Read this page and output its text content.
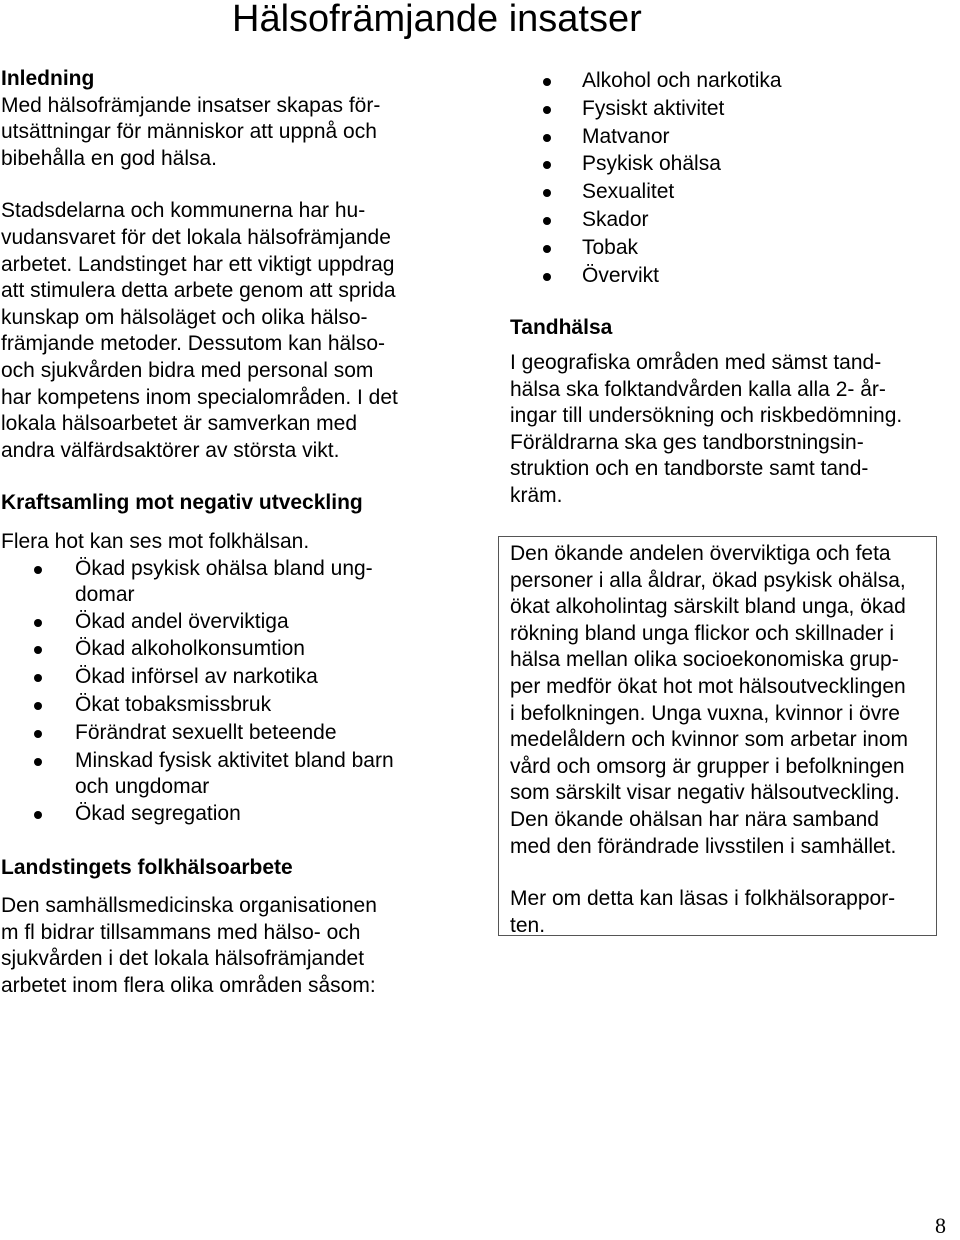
Hälsofrämjande insatser

Inledning

Med hälsofrämjande insatser skapas för-
utsättningar för människor att uppnå och
bibehålla en god hälsa.

Stadsdelarna och kommunerna har hu-
vudansvaret för det lokala hälsofrämjande
arbetet. Landstinget har ett viktigt uppdrag
att stimulera detta arbete genom att sprida
kunskap om hälsoläget och olika hälso-
främjande metoder. Dessutom kan hälso-
och sjukvården bidra med personal som
har kompetens inom specialområden. I det
lokala hälsoarbetet är samverkan med
andra välfärdsaktörer av största vikt.

Kraftsamling mot negativ utveckling

Flera hot kan ses mot folkhälsan.

Ökad psykisk ohälsa bland ung-
domar
Ökad andel överviktiga
Ökad alkoholkonsumtion
Ökad införsel av narkotika
Ökat tobaksmissbruk
Förändrat sexuellt beteende
Minskad fysisk aktivitet bland barn
och ungdomar
Ökad segregation

Landstingets folkhälsoarbete

Den samhällsmedicinska organisationen
m fl bidrar tillsammans med hälso- och
sjukvården i det lokala hälsofrämjandet
arbetet inom flera olika områden såsom:

Alkohol och narkotika
Fysiskt aktivitet
Matvanor
Psykisk ohälsa
Sexualitet
Skador
Tobak
Övervikt

Tandhälsa

I geografiska områden med sämst tand-
hälsa ska folktandvården kalla alla 2- år-
ingar till undersökning och riskbedömning.
Föräldrarna ska ges tandborstningsin-
struktion och en tandborste samt tand-
kräm.

Den ökande andelen överviktiga och feta
personer i alla åldrar, ökad psykisk ohälsa,
ökat alkoholintag särskilt bland unga, ökad
rökning bland unga flickor och skillnader i
hälsa mellan olika socioekonomiska grup-
per medför ökat hot mot hälsoutvecklingen
i befolkningen. Unga vuxna, kvinnor i övre
medelåldern och kvinnor som arbetar inom
vård och omsorg är grupper i befolkningen
som särskilt visar negativ hälsoutveckling.
Den ökande ohälsan har nära samband
med den förändrade livsstilen i samhället.

Mer om detta kan läsas i folkhälsorappor-
ten.

8
